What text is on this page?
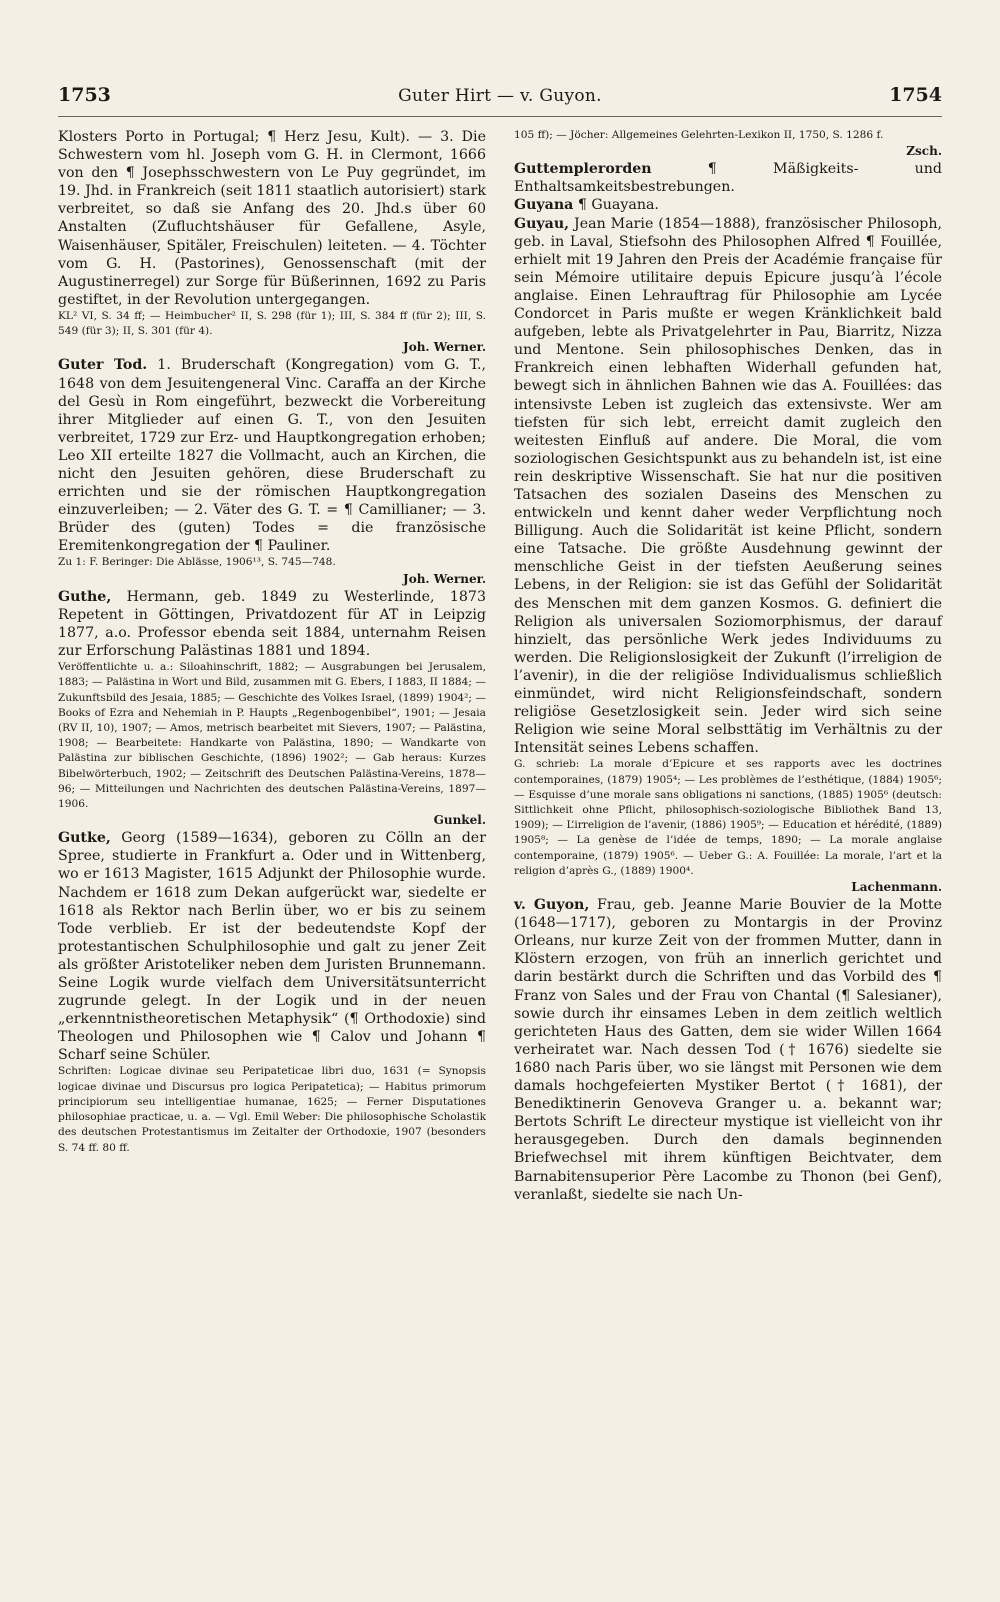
1753	Guter Hirt — v. Guyon.	1754

Klosters Porto in Portugal; ¶ Herz Jesu, Kult). — 3. Die Schwestern vom hl. Joseph vom G. H. in Clermont, 1666 von den ¶ Josephsschwestern von Le Puy gegründet, im 19. Jhd. in Frankreich (seit 1811 staatlich autorisiert) stark verbreitet, so daß sie Anfang des 20. Jhd.s über 60 Anstalten (Zufluchtshäuser für Gefallene, Asyle, Waisenhäuser, Spitäler, Freischulen) leiteten. — 4. Töchter vom G. H. (Pastorines), Genossenschaft (mit der Augustinerregel) zur Sorge für Büßerinnen, 1692 zu Paris gestiftet, in der Revolution untergegangen.

KL² VI, S. 34 ff; — Heimbucher² II, S. 298 (für 1); III, S. 384 ff (für 2); III, S. 549 (für 3); II, S. 301 (für 4).

Joh. Werner.

Guter Tod. 1. Bruderschaft (Kongregation) vom G. T., 1648 von dem Jesuitengeneral Vinc. Caraffa an der Kirche del Gesù in Rom eingeführt, bezweckt die Vorbereitung ihrer Mitglieder auf einen G. T., von den Jesuiten verbreitet, 1729 zur Erz- und Hauptkongregation erhoben; Leo XII erteilte 1827 die Vollmacht, auch an Kirchen, die nicht den Jesuiten gehören, diese Bruderschaft zu errichten und sie der römischen Hauptkongregation einzuverleiben; — 2. Väter des G. T. = ¶ Camillianer; — 3. Brüder des (guten) Todes = die französische Eremitenkongregation der ¶ Pauliner.

Zu 1: F. Beringer: Die Ablässe, 1906¹³, S. 745—748.

Joh. Werner.

Guthe, Hermann, geb. 1849 zu Westerlinde, 1873 Repetent in Göttingen, Privatdozent für AT in Leipzig 1877, a.o. Professor ebenda seit 1884, unternahm Reisen zur Erforschung Palästinas 1881 und 1894.

Veröffentlichte u. a.: Siloahinschrift, 1882; — Ausgrabungen bei Jerusalem, 1883; — Palästina in Wort und Bild, zusammen mit G. Ebers, I 1883, II 1884; — Zukunftsbild des Jesaia, 1885; — Geschichte des Volkes Israel, (1899) 1904²; — Books of Ezra and Nehemiah in P. Haupts „Regenbogenbibel“, 1901; — Jesaia (RV II, 10), 1907; — Amos, metrisch bearbeitet mit Sievers, 1907; — Palästina, 1908; — Bearbeitete: Handkarte von Palästina, 1890; — Wandkarte von Palästina zur biblischen Geschichte, (1896) 1902²; — Gab heraus: Kurzes Bibelwörterbuch, 1902; — Zeitschrift des Deutschen Palästina-Vereins, 1878—96; — Mitteilungen und Nachrichten des deutschen Palästina-Vereins, 1897—1906.

Gunkel.

Gutke, Georg (1589—1634), geboren zu Cölln an der Spree, studierte in Frankfurt a. Oder und in Wittenberg, wo er 1613 Magister, 1615 Adjunkt der Philosophie wurde. Nachdem er 1618 zum Dekan aufgerückt war, siedelte er 1618 als Rektor nach Berlin über, wo er bis zu seinem Tode verblieb. Er ist der bedeutendste Kopf der protestantischen Schulphilosophie und galt zu jener Zeit als größter Aristoteliker neben dem Juristen Brunnemann. Seine Logik wurde vielfach dem Universitätsunterricht zugrunde gelegt. In der Logik und in der neuen „erkenntnistheoretischen Metaphysik“ (¶ Orthodoxie) sind Theologen und Philosophen wie ¶ Calov und Johann ¶ Scharf seine Schüler.

Schriften: Logicae divinae seu Peripateticae libri duo, 1631 (= Synopsis logicae divinae und Discursus pro logica Peripatetica); — Habitus primorum principiorum seu intelligentiae humanae, 1625; — Ferner Disputationes philosophiae practicae, u. a. — Vgl. Emil Weber: Die philosophische Scholastik des deutschen Protestantismus im Zeitalter der Orthodoxie, 1907 (besonders S. 74 ff. 80 ff.

105 ff); — Jöcher: Allgemeines Gelehrten-Lexikon II, 1750, S. 1286 f.

Zsch.

Guttemplerorden ¶ Mäßigkeits- und Enthaltsamkeitsbestrebungen.

Guyana ¶ Guayana.

Guyau, Jean Marie (1854—1888), französischer Philosoph, geb. in Laval, Stiefsohn des Philosophen Alfred ¶ Fouillée, erhielt mit 19 Jahren den Preis der Académie française für sein Mémoire utilitaire depuis Epicure jusqu’à l’école anglaise. Einen Lehrauftrag für Philosophie am Lycée Condorcet in Paris mußte er wegen Kränklichkeit bald aufgeben, lebte als Privatgelehrter in Pau, Biarritz, Nizza und Mentone. Sein philosophisches Denken, das in Frankreich einen lebhaften Widerhall gefunden hat, bewegt sich in ähnlichen Bahnen wie das A. Fouillées: das intensivste Leben ist zugleich das extensivste. Wer am tiefsten für sich lebt, erreicht damit zugleich den weitesten Einfluß auf andere. Die Moral, die vom soziologischen Gesichtspunkt aus zu behandeln ist, ist eine rein deskriptive Wissenschaft. Sie hat nur die positiven Tatsachen des sozialen Daseins des Menschen zu entwickeln und kennt daher weder Verpflichtung noch Billigung. Auch die Solidarität ist keine Pflicht, sondern eine Tatsache. Die größte Ausdehnung gewinnt der menschliche Geist in der tiefsten Aeußerung seines Lebens, in der Religion: sie ist das Gefühl der Solidarität des Menschen mit dem ganzen Kosmos. G. definiert die Religion als universalen Soziomorphismus, der darauf hinzielt, das persönliche Werk jedes Individuums zu werden. Die Religionslosigkeit der Zukunft (l’irreligion de l’avenir), in die der religiöse Individualismus schließlich einmündet, wird nicht Religionsfeindschaft, sondern religiöse Gesetzlosigkeit sein. Jeder wird sich seine Religion wie seine Moral selbsttätig im Verhältnis zu der Intensität seines Lebens schaffen.

G. schrieb: La morale d’Epicure et ses rapports avec les doctrines contemporaines, (1879) 1905⁴; — Les problèmes de l’esthétique, (1884) 1905⁶; — Esquisse d’une morale sans obligations ni sanctions, (1885) 1905⁶ (deutsch: Sittlichkeit ohne Pflicht, philosophisch-soziologische Bibliothek Band 13, 1909); — L’irreligion de l’avenir, (1886) 1905⁹; — Education et hérédité, (1889) 1905⁸; — La genèse de l’idée de temps, 1890; — La morale anglaise contemporaine, (1879) 1905⁶. — Ueber G.: A. Fouillée: La morale, l’art et la religion d’après G., (1889) 1900⁴.

Lachenmann.

v. Guyon, Frau, geb. Jeanne Marie Bouvier de la Motte (1648—1717), geboren zu Montargis in der Provinz Orleans, nur kurze Zeit von der frommen Mutter, dann in Klöstern erzogen, von früh an innerlich gerichtet und darin bestärkt durch die Schriften und das Vorbild des ¶ Franz von Sales und der Frau von Chantal (¶ Salesianer), sowie durch ihr einsames Leben in dem zeitlich weltlich gerichteten Haus des Gatten, dem sie wider Willen 1664 verheiratet war. Nach dessen Tod († 1676) siedelte sie 1680 nach Paris über, wo sie längst mit Personen wie dem damals hochgefeierten Mystiker Bertot († 1681), der Benediktinerin Genoveva Granger u. a. bekannt war; Bertots Schrift Le directeur mystique ist vielleicht von ihr herausgegeben. Durch den damals beginnenden Briefwechsel mit ihrem künftigen Beichtvater, dem Barnabitensuperior Père Lacombe zu Thonon (bei Genf), veranlaßt, siedelte sie nach Un-
